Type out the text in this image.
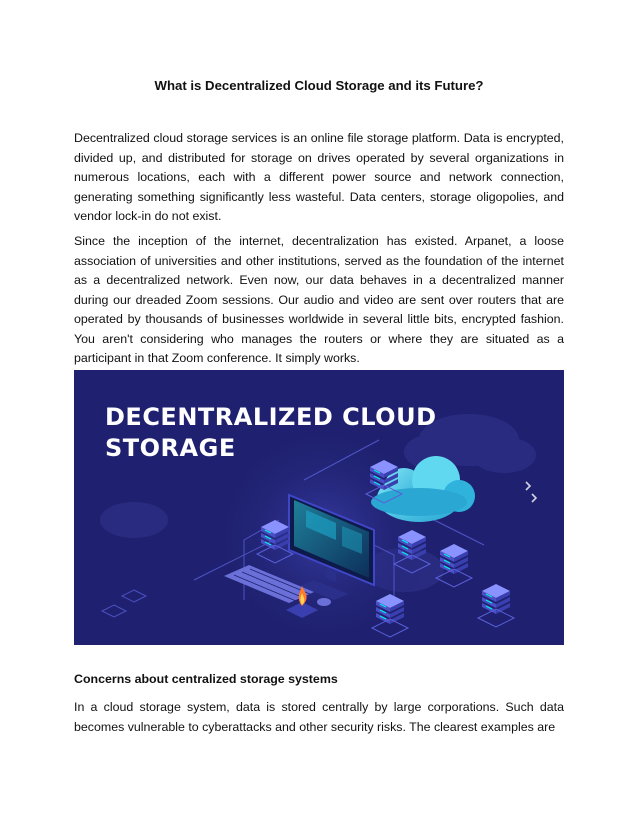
What is Decentralized Cloud Storage and its Future?

Decentralized cloud storage services is an online file storage platform. Data is encrypted, divided up, and distributed for storage on drives operated by several organizations in numerous locations, each with a different power source and network connection, generating something significantly less wasteful. Data centers, storage oligopolies, and vendor lock-in do not exist.

Since the inception of the internet, decentralization has existed. Arpanet, a loose association of universities and other institutions, served as the foundation of the internet as a decentralized network. Even now, our data behaves in a decentralized manner during our dreaded Zoom sessions. Our audio and video are sent over routers that are operated by thousands of businesses worldwide in several little bits, encrypted fashion. You aren't considering who manages the routers or where they are situated as a participant in that Zoom conference. It simply works.

DECENTRALIZED CLOUD
STORAGE

Concerns about centralized storage systems

In a cloud storage system, data is stored centrally by large corporations. Such data becomes vulnerable to cyberattacks and other security risks. The clearest examples are
